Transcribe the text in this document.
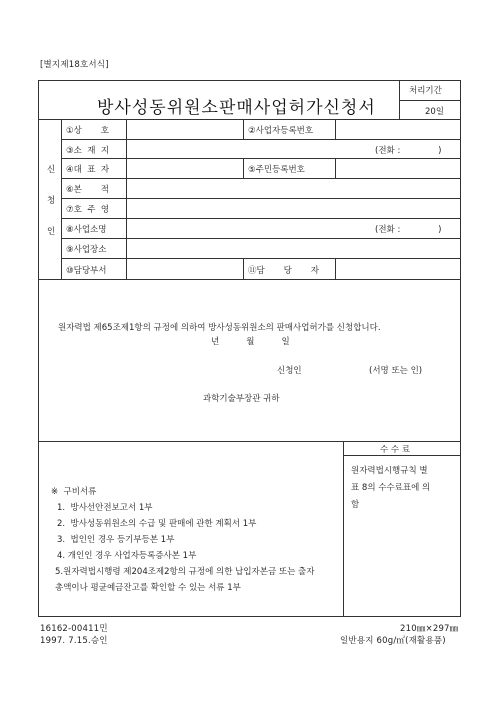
[별지제18호서식]
방사성동위원소판매사업허가신청서
처리기간
20일
신
청
인
①상       호	②사업자등록번호
③소  재  지	(전화 :              )
④대  표  자	⑤주민등록번호
⑥본       적
⑦호  주  영
⑧사업소명	(전화 :              )
⑨사업장소
⑩담당부서	⑪담       당       자
원자력법 제65조제1항의 규정에 의하여 방사성동위원소의 판매사업허가를 신청합니다.
년          월          일
신청인	(서명 또는 인)
과학기술부장관 귀하
수 수 료
원자력법시행규칙 별
표 8의 수수료표에 의
함
※  구비서류
1.  방사선안전보고서 1부
2.  방사성동위원소의 수급 및 판매에 관한 계획서 1부
3.  법인인 경우 등기부등본 1부
4. 개인인 경우 사업자등록증사본 1부
5.원자력법시행령 제204조제2항의 규정에 의한 납입자본금 또는 출자
총액이나 평균예금잔고를 확인할 수 있는 서류 1부
16162-00411민
1997. 7.15.승인
210㎜×297㎜
일반용지 60g/㎡(재활용품)
